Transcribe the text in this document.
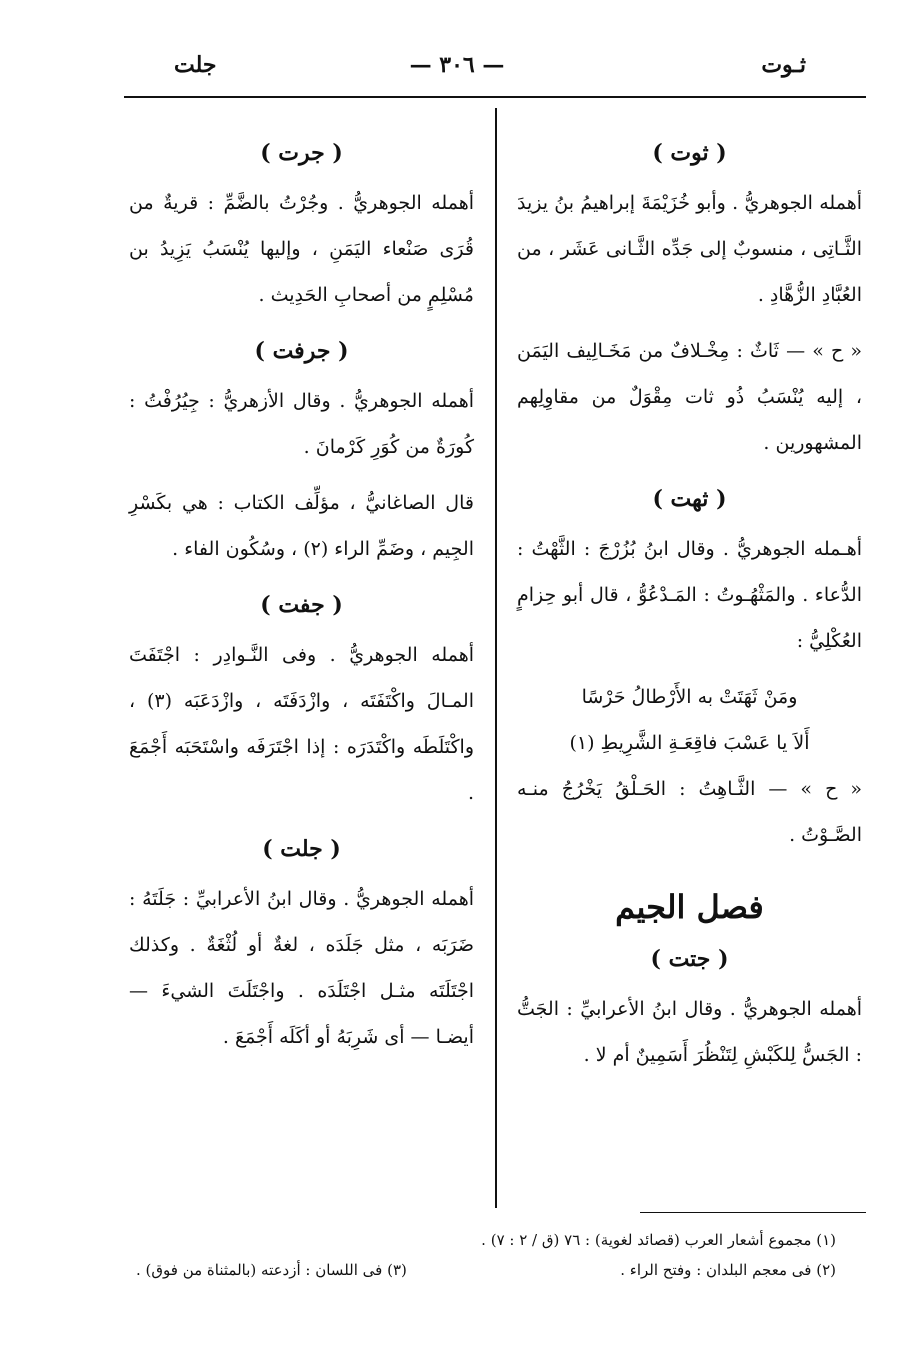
ثـوت
— ٣٠٦ —
جلت
( ثوت )

أهمله الجوهريُّ . وأبو خُزَيْمَةَ إبراهيمُ بنُ يزيدَ الثَّـاتِى ، منسوبٌ إلى جَدِّه الثَّـانى عَشَر ، من العُبَّادِ الزُّهَّادِ .

« ح » — ثَاثٌ : مِخْـلافٌ من مَخَـالِيف اليَمَن ، إليه يُنْسَبُ ذُو ثات مِقْوَلٌ من مقاوِلِهم المشهورين .

( ثهت )

أهـمله الجوهريُّ . وقال ابنُ بُزُرْجَ : الثَّهْتُ : الدُّعاء . والمَثْهُـوتُ : المَـدْعُوُّ ، قال أبو حِزامٍ العُكْلِيُّ :

ومَنْ ثَهَتَتْ به الأَرْطالُ حَرْسًا

أَلاَ يا عَسْبَ فاقِعَـةِ الشَّرِيطِ (١)

« ح » — الثَّـاهِتُ : الحَـلْقُ يَخْرُجُ منـه الصَّـوْتُ .

فصل الجيم
( جتت )

أهمله الجوهريُّ . وقال ابنُ الأعرابيِّ : الجَتُّ : الجَسُّ لِلكَبْشِ لِتَنْظُرَ أَسَمِينٌ أم لا .

( جرت )

أهمله الجوهريُّ . وجُرْتُ بالضَّمِّ : قريةٌ من قُرَى صَنْعاء اليَمَنِ ، وإليها يُنْسَبُ يَزِيدُ بن مُسْلِمٍ من أصحابِ الحَدِيث .

( جرفت )

أهمله الجوهريُّ . وقال الأزهريُّ : جِيُرُفْتُ : كُورَةٌ من كُوَرِ كَرْمانَ .

قال الصاغانيُّ ، مؤلِّف الكتاب : هي بكَسْرِ الجِيم ، وضَمِّ الراء (٢) ، وسُكُون الفاء .

( جفت )

أهمله الجوهريُّ . وفى النَّـوادِر : اجْتَفَتَ المـالَ واكْتَفَتَه ، وازْدَفَتَه ، وازْدَعَبَه (٣) ، واكْتَلَطَه واكْتَدَرَه : إذا اجْتَرَفَه واسْتَحَبَه أَجْمَعَ .

( جلت )

أهمله الجوهريُّ . وقال ابنُ الأعرابيِّ : جَلَتَهُ : ضَرَبَه ، مثل جَلَدَه ، لغةٌ أو لُثْغَةٌ . وكذلك اجْتَلَتَه مثـل اجْتَلَدَه . واجْتَلَتَ الشيءَ — أيضـا — أى شَرِبَهُ أو أكَلَه أَجْمَعَ .

(١) مجموع أشعار العرب (قصائد لغوية) : ٧٦ (ق / ٢ : ٧) .
(٢) فى معجم البلدان : وفتح الراء .
(٣) فى اللسان : أزدعته (بالمثناة من فوق) .
